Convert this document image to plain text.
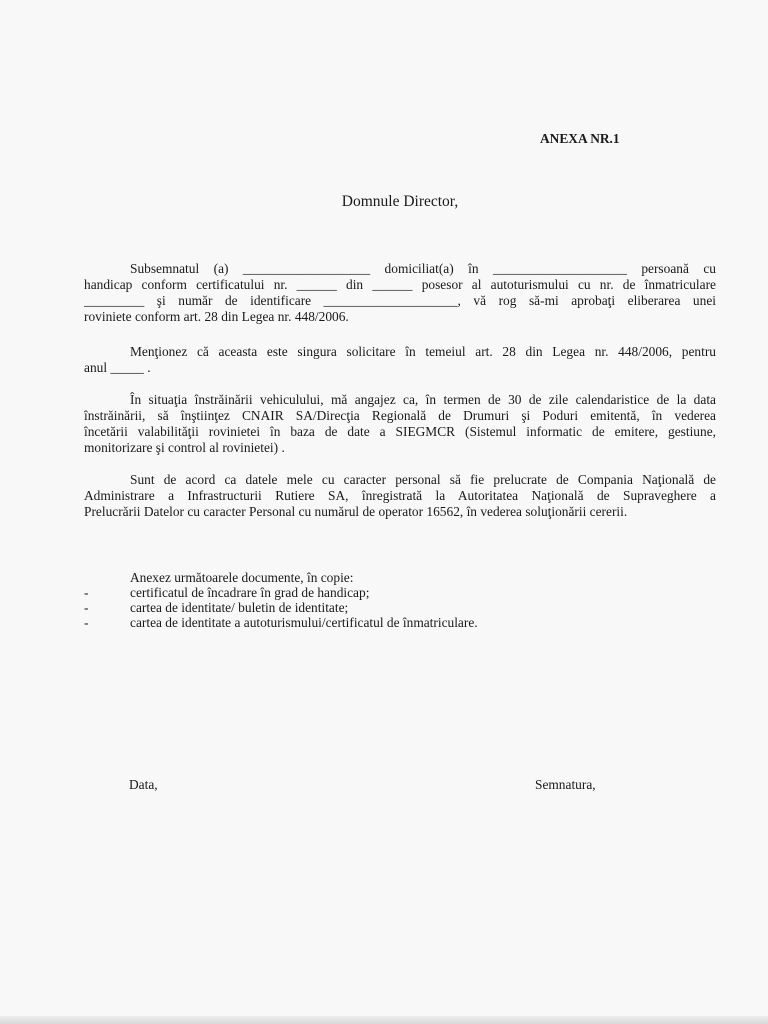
ANEXA NR.1
Domnule Director,
Subsemnatul (a) ___________________ domiciliat(a) în ____________________ persoană cu
handicap conform certificatului nr. ______ din ______ posesor al autoturismului cu nr. de înmatriculare
_________ şi număr de identificare ____________________, vă rog să-mi aprobaţi eliberarea unei
roviniete conform art. 28 din Legea nr. 448/2006.
Menţionez că aceasta este singura solicitare în temeiul art. 28 din Legea nr. 448/2006, pentru
anul _____ .
În situaţia înstrăinării vehiculului, mă angajez ca, în termen de 30 de zile calendaristice de la data
înstrăinării, să înştiinţez CNAIR SA/Direcţia Regională de Drumuri şi Poduri emitentă, în vederea
încetării valabilităţii rovinietei în baza de date a SIEGMCR (Sistemul informatic de emitere, gestiune,
monitorizare şi control al rovinietei) .
Sunt de acord ca datele mele cu caracter personal să fie prelucrate de Compania Naţională de
Administrare a Infrastructurii Rutiere SA, înregistrată la Autoritatea Naţională de Supraveghere a
Prelucrării Datelor cu caracter Personal cu numărul de operator 16562, în vederea soluţionării cererii.
Anexez următoarele documente, în copie:
-	certificatul de încadrare în grad de handicap;
-	cartea de identitate/ buletin de identitate;
-	cartea de identitate a autoturismului/certificatul de înmatriculare.
Data,	Semnatura,
